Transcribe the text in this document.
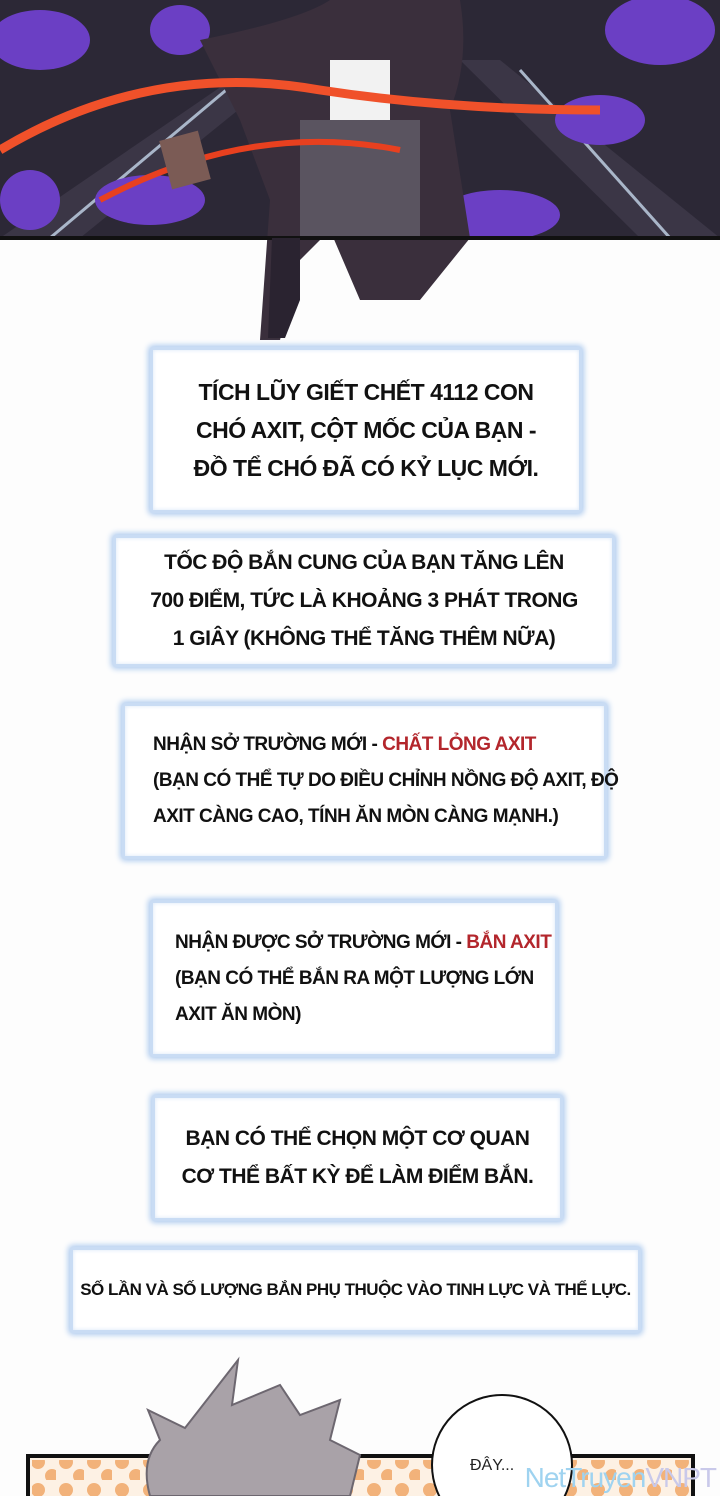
TÍCH LŨY GIẾT CHẾT 4112 CON
CHÓ AXIT, CỘT MỐC CỦA BẠN -
ĐỒ TỂ CHÓ ĐÃ CÓ KỶ LỤC MỚI.
TỐC ĐỘ BẮN CUNG CỦA BẠN TĂNG LÊN
700 ĐIỂM, TỨC LÀ KHOẢNG 3 PHÁT TRONG
1 GIÂY (KHÔNG THỂ TĂNG THÊM NỮA)
NHẬN SỞ TRƯỜNG MỚI - CHẤT LỎNG AXIT
(BẠN CÓ THỂ TỰ DO ĐIỀU CHỈNH NỒNG ĐỘ AXIT, ĐỘ
AXIT CÀNG CAO, TÍNH ĂN MÒN CÀNG MẠNH.)
NHẬN ĐƯỢC SỞ TRƯỜNG MỚI - BẮN AXIT
(BẠN CÓ THỂ BẮN RA MỘT LƯỢNG LỚN
AXIT ĂN MÒN)
BẠN CÓ THỂ CHỌN MỘT CƠ QUAN
CƠ THỂ BẤT KỲ ĐỂ LÀM ĐIỂM BẮN.
SỐ LẦN VÀ SỐ LƯỢNG BẮN PHỤ THUỘC VÀO TINH LỰC VÀ THỂ LỰC.
ĐÂY... NetTruyenVNPT
